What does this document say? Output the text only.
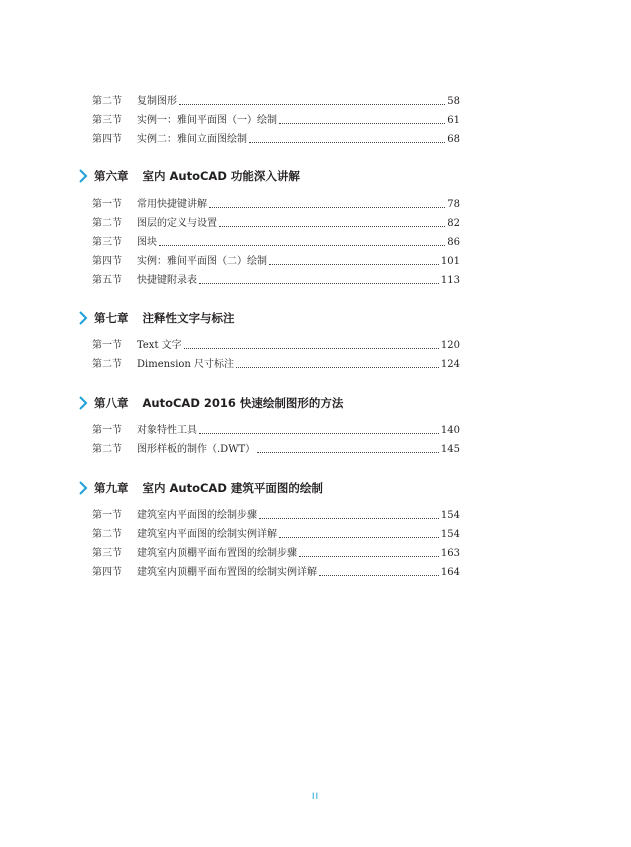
第二节	复制图形	58
第三节	实例一：雅间平面图（一）绘制	61
第四节	实例二：雅间立面图绘制	68
第六章 室内 AutoCAD 功能深入讲解
第一节	常用快捷键讲解	78
第二节	图层的定义与设置	82
第三节	图块	86
第四节	实例：雅间平面图（二）绘制	101
第五节	快捷键附录表	113
第七章 注释性文字与标注
第一节	Text 文字	120
第二节	Dimension 尺寸标注	124
第八章 AutoCAD 2016 快速绘制图形的方法
第一节	对象特性工具	140
第二节	图形样板的制作（.DWT）	145
第九章 室内 AutoCAD 建筑平面图的绘制
第一节	建筑室内平面图的绘制步骤	154
第二节	建筑室内平面图的绘制实例详解	154
第三节	建筑室内顶棚平面布置图的绘制步骤	163
第四节	建筑室内顶棚平面布置图的绘制实例详解	164
II
